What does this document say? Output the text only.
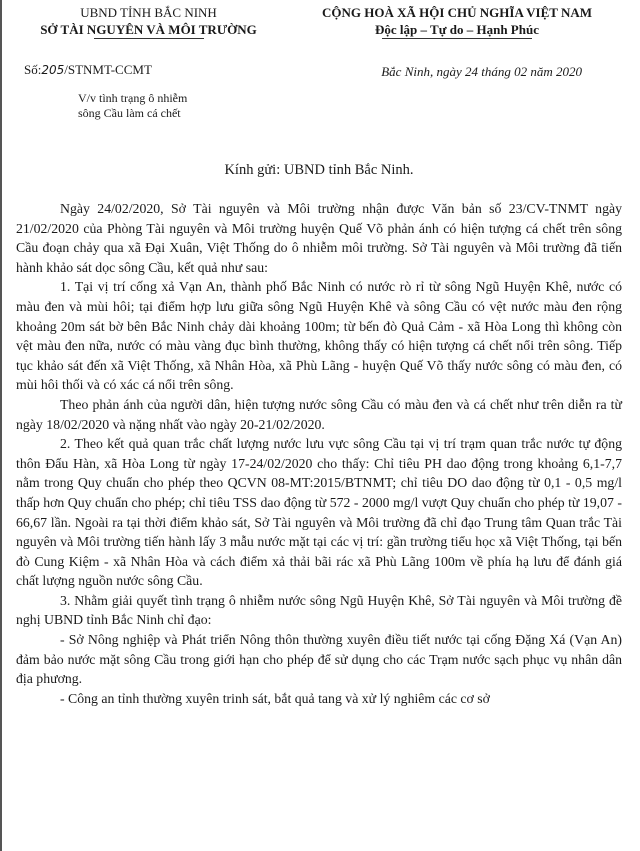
UBND TỈNH BẮC NINH
SỞ TÀI NGUYÊN VÀ MÔI TRƯỜNG
Số:205/STNMT-CCMT
V/v tình trạng ô nhiễm
sông Cầu làm cá chết
CỘNG HOÀ XÃ HỘI CHỦ NGHĨA VIỆT NAM
Độc lập – Tự do – Hạnh Phúc
Bắc Ninh, ngày 24 tháng 02 năm 2020
Kính gửi: UBND tỉnh Bắc Ninh.

Ngày 24/02/2020, Sở Tài nguyên và Môi trường nhận được Văn bản số 23/CV-TNMT ngày 21/02/2020 của Phòng Tài nguyên và Môi trường huyện Quế Võ phản ánh có hiện tượng cá chết trên sông Cầu đoạn chảy qua xã Đại Xuân, Việt Thống do ô nhiễm môi trường. Sở Tài nguyên và Môi trường đã tiến hành khảo sát dọc sông Cầu, kết quả như sau:

1. Tại vị trí cống xả Vạn An, thành phố Bắc Ninh có nước rò rỉ từ sông Ngũ Huyện Khê, nước có màu đen và mùi hôi; tại điểm hợp lưu giữa sông Ngũ Huyện Khê và sông Cầu có vệt nước màu đen rộng khoảng 20m sát bờ bên Bắc Ninh chảy dài khoảng 100m; từ bến đò Quả Cảm - xã Hòa Long thì không còn vệt màu đen nữa, nước có màu vàng đục bình thường, không thấy có hiện tượng cá chết nổi trên sông. Tiếp tục khảo sát đến xã Việt Thống, xã Nhân Hòa, xã Phù Lãng - huyện Quế Võ thấy nước sông có màu đen, có mùi hôi thối và có xác cá nổi trên sông.

Theo phản ánh của người dân, hiện tượng nước sông Cầu có màu đen và cá chết như trên diễn ra từ ngày 18/02/2020 và nặng nhất vào ngày 20-21/02/2020.

2. Theo kết quả quan trắc chất lượng nước lưu vực sông Cầu tại vị trí trạm quan trắc nước tự động thôn Đẩu Hàn, xã Hòa Long từ ngày 17-24/02/2020 cho thấy: Chỉ tiêu PH dao động trong khoảng 6,1-7,7 nằm trong Quy chuẩn cho phép theo QCVN 08-MT:2015/BTNMT; chỉ tiêu DO dao động từ 0,1 - 0,5 mg/l thấp hơn Quy chuẩn cho phép; chỉ tiêu TSS dao động từ 572 - 2000 mg/l vượt Quy chuẩn cho phép từ 19,07 - 66,67 lần. Ngoài ra tại thời điểm khảo sát, Sở Tài nguyên và Môi trường đã chỉ đạo Trung tâm Quan trắc Tài nguyên và Môi trường tiến hành lấy 3 mẫu nước mặt tại các vị trí: gần trường tiểu học xã Việt Thống, tại bến đò Cung Kiệm - xã Nhân Hòa và cách điểm xả thải bãi rác xã Phù Lãng 100m về phía hạ lưu để đánh giá chất lượng nguồn nước sông Cầu.

3. Nhằm giải quyết tình trạng ô nhiễm nước sông Ngũ Huyện Khê, Sở Tài nguyên và Môi trường đề nghị UBND tỉnh Bắc Ninh chỉ đạo:

- Sở Nông nghiệp và Phát triển Nông thôn thường xuyên điều tiết nước tại cống Đặng Xá (Vạn An) đảm bảo nước mặt sông Cầu trong giới hạn cho phép để sử dụng cho các Trạm nước sạch phục vụ nhân dân địa phương.

- Công an tỉnh thường xuyên trinh sát, bắt quả tang và xử lý nghiêm các cơ sở
